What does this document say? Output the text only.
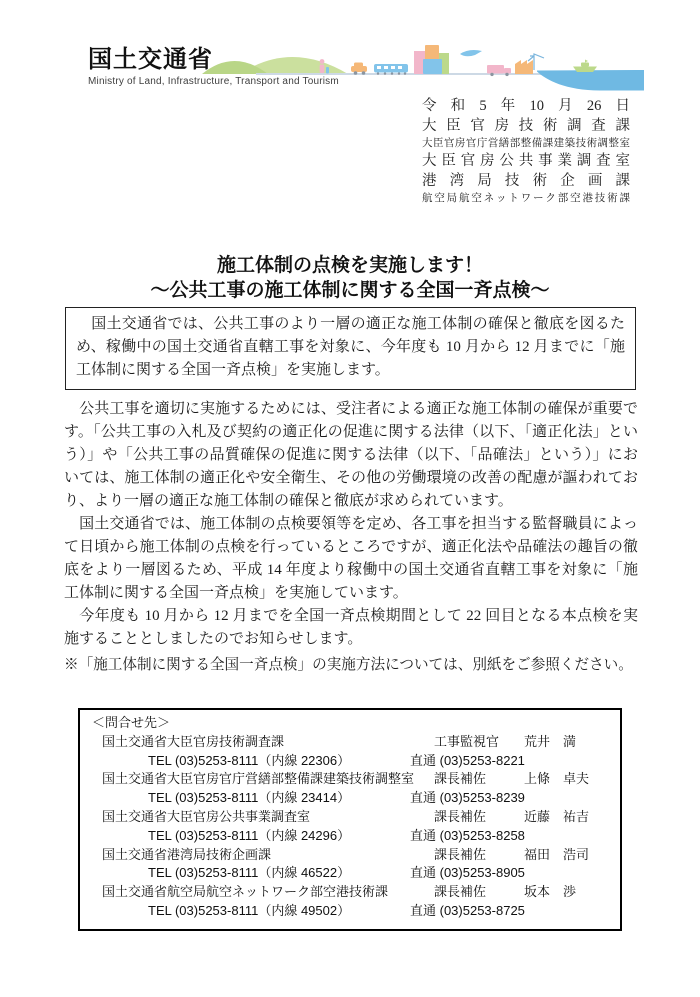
国土交通省
Ministry of Land, Infrastructure, Transport and Tourism
令和5年10月26日
大臣官房技術調査課
大臣官房官庁営繕部整備課建築技術調整室
大臣官房公共事業調査室
港湾局技術企画課
航空局航空ネットワーク部空港技術課
施工体制の点検を実施します！
～公共工事の施工体制に関する全国一斉点検～
　国土交通省では、公共工事のより一層の適正な施工体制の確保と徹底を図るため、稼働中の国土交通省直轄工事を対象に、今年度も 10 月から 12 月までに「施工体制に関する全国一斉点検」を実施します。

　公共工事を適切に実施するためには、受注者による適正な施工体制の確保が重要です。「公共工事の入札及び契約の適正化の促進に関する法律（以下、「適正化法」という）」や「公共工事の品質確保の促進に関する法律（以下、「品確法」という）」においては、施工体制の適正化や安全衛生、その他の労働環境の改善の配慮が謳われており、より一層の適正な施工体制の確保と徹底が求められています。

　国土交通省では、施工体制の点検要領等を定め、各工事を担当する監督職員によって日頃から施工体制の点検を行っているところですが、適正化法や品確法の趣旨の徹底をより一層図るため、平成 14 年度より稼働中の国土交通省直轄工事を対象に「施工体制に関する全国一斉点検」を実施しています。

　今年度も 10 月から 12 月までを全国一斉点検期間として 22 回目となる本点検を実施することとしましたのでお知らせします。

※「施工体制に関する全国一斉点検」の実施方法については、別紙をご参照ください。
＜問合せ先＞
国土交通省大臣官房技術調査課	工事監視官	荒井　満
TEL (03)5253-8111（内線 22306）	直通 (03)5253-8221
国土交通省大臣官房官庁営繕部整備課建築技術調整室	課長補佐	上條　卓夫
TEL (03)5253-8111（内線 23414）	直通 (03)5253-8239
国土交通省大臣官房公共事業調査室	課長補佐	近藤　祐吉
TEL (03)5253-8111（内線 24296）	直通 (03)5253-8258
国土交通省港湾局技術企画課	課長補佐	福田　浩司
TEL (03)5253-8111（内線 46522）	直通 (03)5253-8905
国土交通省航空局航空ネットワーク部空港技術課	課長補佐	坂本　渉
TEL (03)5253-8111（内線 49502）	直通 (03)5253-8725
